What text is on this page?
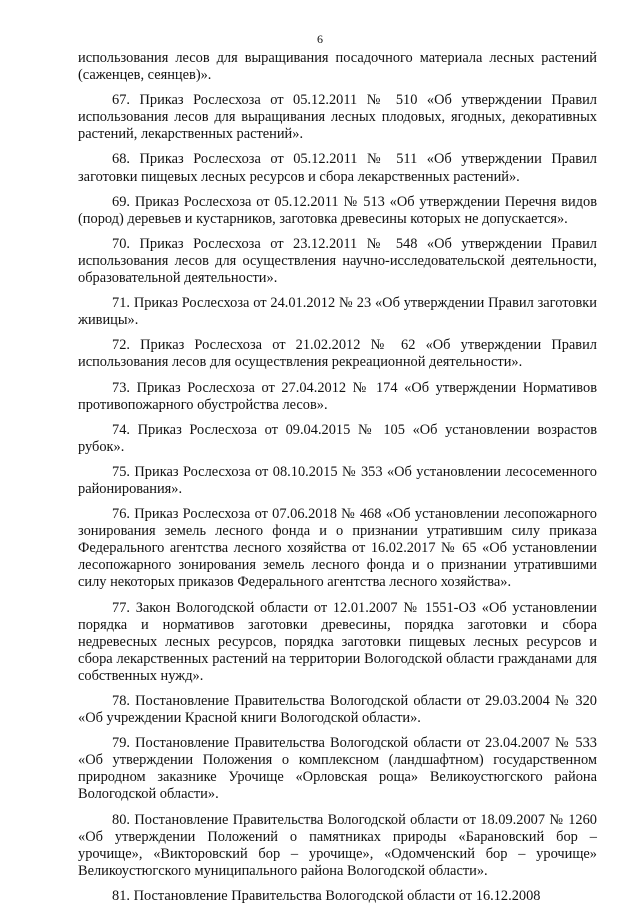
6

использования лесов для выращивания посадочного материала лесных растений (саженцев, сеянцев)».

67. Приказ Рослесхоза от 05.12.2011 № 510 «Об утверждении Правил использования лесов для выращивания лесных плодовых, ягодных, декоративных растений, лекарственных растений».

68. Приказ Рослесхоза от 05.12.2011 № 511 «Об утверждении Правил заготовки пищевых лесных ресурсов и сбора лекарственных растений».

69. Приказ Рослесхоза от 05.12.2011 № 513 «Об утверждении Перечня видов (пород) деревьев и кустарников, заготовка древесины которых не допускается».

70. Приказ Рослесхоза от 23.12.2011 № 548 «Об утверждении Правил использования лесов для осуществления научно-исследовательской деятельности, образовательной деятельности».

71. Приказ Рослесхоза от 24.01.2012 № 23 «Об утверждении Правил заготовки живицы».

72. Приказ Рослесхоза от 21.02.2012 № 62 «Об утверждении Правил использования лесов для осуществления рекреационной деятельности».

73. Приказ Рослесхоза от 27.04.2012 № 174 «Об утверждении Нормативов противопожарного обустройства лесов».

74. Приказ Рослесхоза от 09.04.2015 № 105 «Об установлении возрастов рубок».

75. Приказ Рослесхоза от 08.10.2015 № 353 «Об установлении лесосеменного районирования».

76. Приказ Рослесхоза от 07.06.2018 № 468 «Об установлении лесопожарного зонирования земель лесного фонда и о признании утратившим силу приказа Федерального агентства лесного хозяйства от 16.02.2017 № 65 «Об установлении лесопожарного зонирования земель лесного фонда и о признании утратившими силу некоторых приказов Федерального агентства лесного хозяйства».

77. Закон Вологодской области от 12.01.2007 № 1551-ОЗ «Об установлении порядка и нормативов заготовки древесины, порядка заготовки и сбора недревесных лесных ресурсов, порядка заготовки пищевых лесных ресурсов и сбора лекарственных растений на территории Вологодской области гражданами для собственных нужд».

78. Постановление Правительства Вологодской области от 29.03.2004 № 320 «Об учреждении Красной книги Вологодской области».

79. Постановление Правительства Вологодской области от 23.04.2007 № 533 «Об утверждении Положения о комплексном (ландшафтном) государственном природном заказнике Урочище «Орловская роща» Великоустюгского района Вологодской области».

80. Постановление Правительства Вологодской области от 18.09.2007 № 1260 «Об утверждении Положений о памятниках природы «Барановский бор – урочище», «Викторовский бор – урочище», «Одомченский бор – урочище» Великоустюгского муниципального района Вологодской области».

81. Постановление Правительства Вологодской области от 16.12.2008
